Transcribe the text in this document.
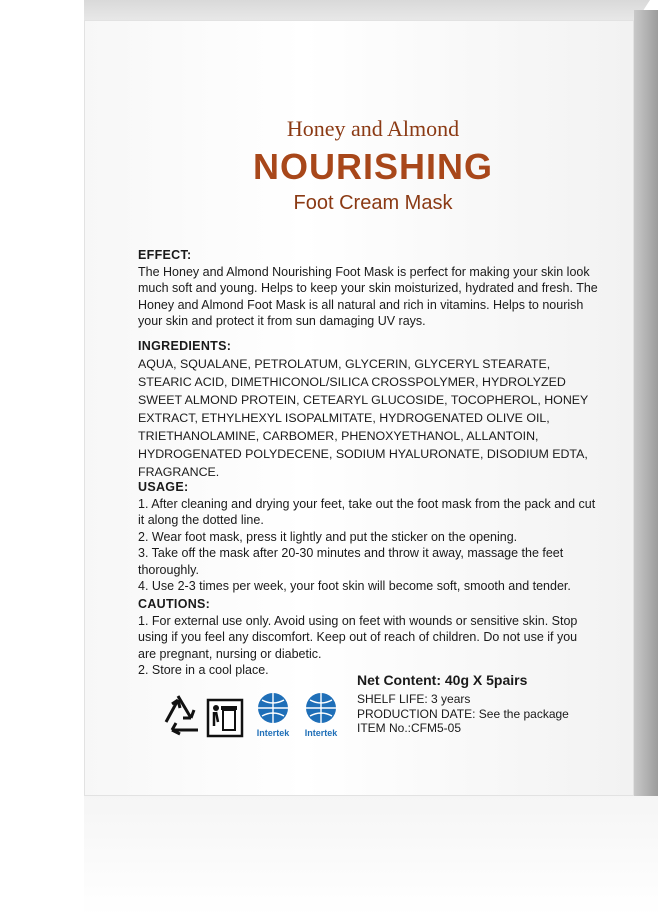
Honey and Almond
NOURISHING
Foot Cream Mask
EFFECT:

The Honey and Almond Nourishing Foot Mask is perfect for making your skin look much soft and young. Helps to keep your skin moisturized, hydrated and fresh. The Honey and Almond Foot Mask is all natural and rich in vitamins. Helps to nourish your skin and protect it from sun damaging UV rays.

INGREDIENTS:

AQUA, SQUALANE, PETROLATUM, GLYCERIN, GLYCERYL STEARATE, STEARIC ACID, DIMETHICONOL/SILICA CROSSPOLYMER, HYDROLYZED SWEET ALMOND PROTEIN, CETEARYL GLUCOSIDE, TOCOPHEROL, HONEY EXTRACT, ETHYLHEXYL ISOPALMITATE, HYDROGENATED OLIVE OIL, TRIETHANOLAMINE, CARBOMER, PHENOXYETHANOL, ALLANTOIN, HYDROGENATED POLYDECENE, SODIUM HYALURONATE, DISODIUM EDTA, FRAGRANCE.

USAGE:

1. After cleaning and drying your feet, take out the foot mask from the pack and cut it along the dotted line.

2. Wear foot mask, press it lightly and put the sticker on the opening.

3. Take off the mask after 20-30 minutes and throw it away, massage the feet thoroughly.

4. Use 2-3 times per week, your foot skin will become soft, smooth and tender.

CAUTIONS:

1. For external use only. Avoid using on feet with wounds or sensitive skin. Stop using if you feel any discomfort. Keep out of reach of children. Do not use if you are pregnant, nursing or diabetic.

2. Store in a cool place.

Intertek Intertek
Net Content: 40g X 5pairs
SHELF LIFE: 3 years
PRODUCTION DATE: See the package
ITEM No.:CFM5-05
